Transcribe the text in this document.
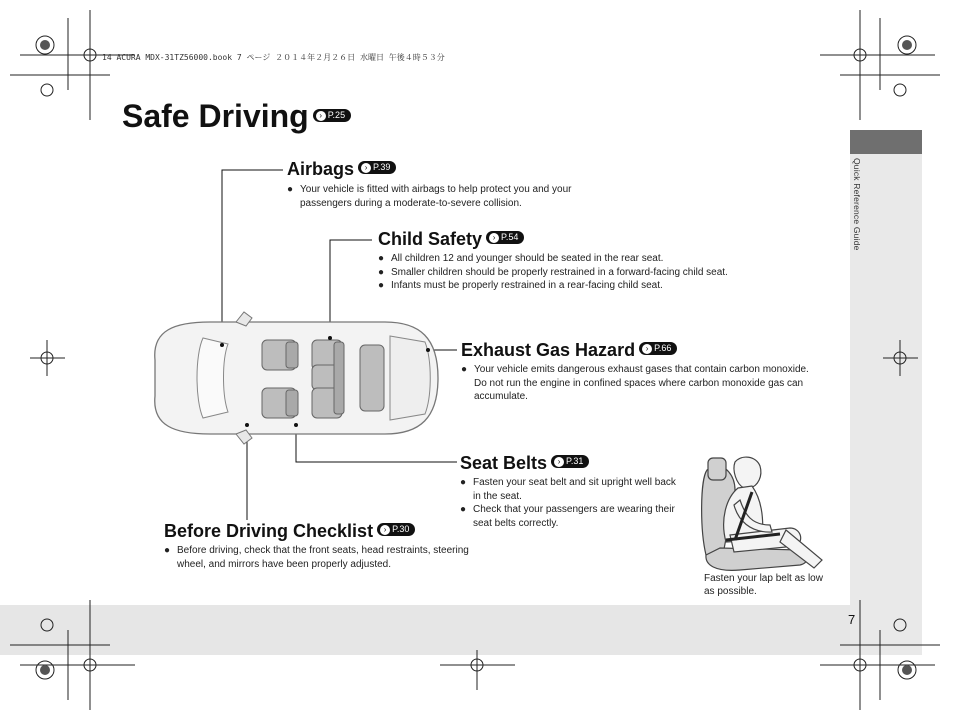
Quick Reference Guide
7
14 ACURA MDX-31TZ56000.book 7 ページ ２０１４年２月２６日 水曜日 午後４時５３分
Safe Driving › P.25
Airbags › P.39
● Your vehicle is fitted with airbags to help protect you and your passengers during a moderate-to-severe collision.
Child Safety › P.54
● All children 12 and younger should be seated in the rear seat.
● Smaller children should be properly restrained in a forward-facing child seat.
● Infants must be properly restrained in a rear-facing child seat.
Exhaust Gas Hazard › P.66
● Your vehicle emits dangerous exhaust gases that contain carbon monoxide. Do not run the engine in confined spaces where carbon monoxide gas can accumulate.
Seat Belts › P.31
● Fasten your seat belt and sit upright well back in the seat.
● Check that your passengers are wearing their seat belts correctly.
Before Driving Checklist › P.30
● Before driving, check that the front seats, head restraints, steering wheel, and mirrors have been properly adjusted.
Fasten your lap belt as low as possible.
